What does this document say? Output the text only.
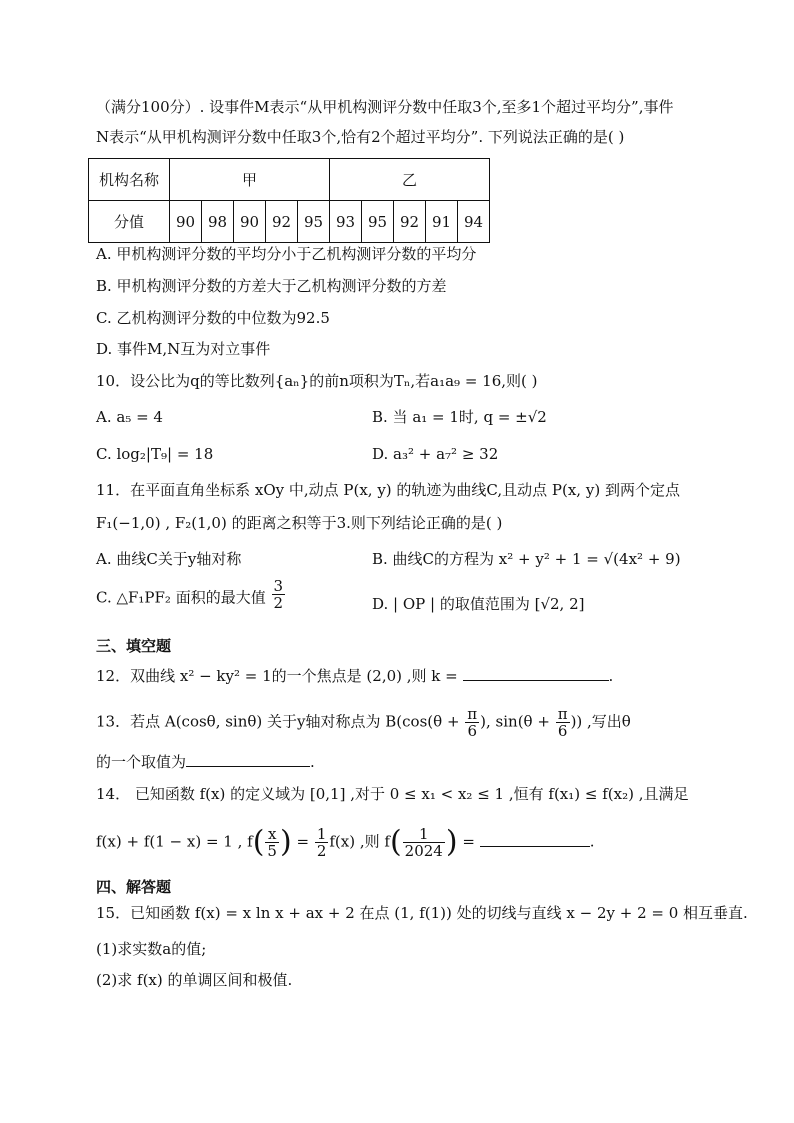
（满分100分）. 设事件M表示“从甲机构测评分数中任取3个,至多1个超过平均分”,事件
N表示“从甲机构测评分数中任取3个,恰有2个超过平均分”. 下列说法正确的是( )
机构名称	甲					乙				
分值	90	98	90	92	95	93	95	92	91	94
A. 甲机构测评分数的平均分小于乙机构测评分数的平均分
B. 甲机构测评分数的方差大于乙机构测评分数的方差
C. 乙机构测评分数的中位数为92.5
D. 事件M,N互为对立事件
10．设公比为q的等比数列{aₙ}的前n项积为Tₙ,若a₁a₉ = 16,则( )
A. a₅ = 4	B. 当 a₁ = 1时, q = ±√2
C. log₂|T₉| = 18	D. a₃² + a₇² ≥ 32
11．在平面直角坐标系 xOy 中,动点 P(x, y) 的轨迹为曲线C,且动点 P(x, y) 到两个定点
F₁(−1,0) , F₂(1,0) 的距离之积等于3.则下列结论正确的是( )
A. 曲线C关于y轴对称	B. 曲线C的方程为 x² + y² + 1 = √(4x² + 9)
C. △F₁PF₂ 面积的最大值 $\frac{3}{2}$	D. | OP | 的取值范围为 [√2, 2]
三、填空题
12．双曲线 x² − ky² = 1的一个焦点是 (2,0) ,则 k =	.
13．若点 A(cosθ, sinθ) 关于y轴对称点为 $B(\cos(\theta + \frac{\pi}{6}$ ), $\sin(\theta + \frac{\pi}{6}$ )) ,写出θ
的一个取值为	.
14． 已知函数 f(x) 的定义域为 [0,1] ,对于 0 ≤ x₁ < x₂ ≤ 1 ,恒有 f(x₁) ≤ f(x₂) ,且满足
f(x) + f(1 − x) = 1 , $f( \frac{x}{5}$ ) = $\frac{1}{2} f(x)$ ,则 $f( \frac{1}{2024}$ ) =	.
四、解答题
15．已知函数 f(x) = x ln x + ax + 2 在点 (1, f(1)) 处的切线与直线 x − 2y + 2 = 0 相互垂直.
(1)求实数a的值;
(2)求 f(x) 的单调区间和极值.
